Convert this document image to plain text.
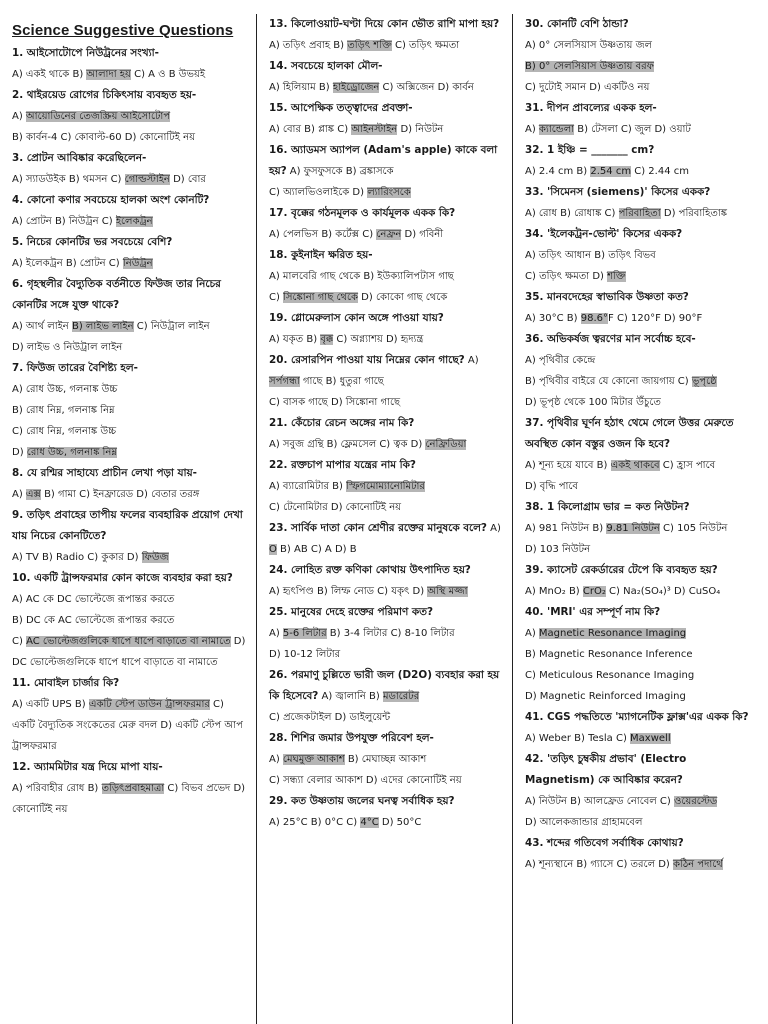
Science Suggestive Questions
1. আইসোটোপে নিউট্রনের সংখ্যা-
A) একই থাকে B) আলাদা হয় C) A ও B উভয়ই
2. থাইরয়েড রোগের চিকিৎসায় ব্যবহৃত হয়-
A) আয়োডিনের তেজস্ক্রিয় আইসোটোপ
B) কার্বন-4 C) কোবাল্ট-60 D) কোনোটিই নয়
3. প্রোটন আবিষ্কার করেছিলেন-
A) স্যাডউইক B) থমসন C) গোল্ডস্টাইন D) বোর
4. কোনো কণার সবচেয়ে হালকা অংশ কোনটি?
A) প্রোটন B) নিউট্রন C) ইলেকট্রন
5. নিচের কোনটির ভর সবচেয়ে বেশি?
A) ইলেকট্রন B) প্রোটন C) নিউট্রন
6. গৃহস্থলীর বৈদ্যুতিক বর্তনীতে ফিউজ তার নিচের কোনটির সঙ্গে যুক্ত থাকে?
A) আর্থ লাইন B) লাইভ লাইন C) নিউট্রাল লাইন
D) লাইভ ও নিউট্রাল লাইন
7. ফিউজ তারের বৈশিষ্ট্য হল-
A) রোধ উচ্চ, গলনাঙ্ক উচ্চ
B) রোধ নিম্ন, গলনাঙ্ক নিম্ন
C) রোধ নিম্ন, গলনাঙ্ক উচ্চ
D) রোধ উচ্চ, গলনাঙ্ক নিম্ন
8. যে রশ্মির সাহায্যে প্রাচীন লেখা পড়া যায়-
A) এক্স B) গামা C) ইনফ্রারেড D) বেতার তরঙ্গ
9. তড়িৎ প্রবাহের তাপীয় ফলের ব্যবহারিক প্রয়োগ দেখা যায় নিচের কোনটিতে?
A) TV B) Radio C) কুকার D) ফিউজ
10. একটি ট্রান্সফরমার কোন কাজে ব্যবহার করা হয়?
A) AC কে DC ভোল্টেজে রূপান্তর করতে
B) DC কে AC ভোল্টেজে রূপান্তর করতে
C) AC ভোল্টেজগুলিকে ধাপে ধাপে বাড়াতে বা নামাতে D) DC ভোল্টেজগুলিকে ধাপে ধাপে বাড়াতে বা নামাতে
11. মোবাইল চার্জার কি?
A) একটি UPS B) একটি স্টেপ ডাউন ট্রান্সফরমার C) একটি বৈদ্যুতিক সংকেতের মেরু বদল D) একটি স্টেপ আপ ট্রান্সফরমার
12. অ্যামমিটার যন্ত্র দিয়ে মাপা যায়-
A) পরিবাহীর রোধ B) তড়িৎপ্রবাহমাত্রা C) বিভব প্রভেদ D) কোনোটিই নয়
13. কিলোওয়াট-ঘণ্টা দিয়ে কোন ভৌত রাশি মাপা হয়?
A) তড়িৎ প্রবাহ B) তড়িৎ শক্তি C) তড়িৎ ক্ষমতা
14. সবচেয়ে হালকা মৌল-
A) হিলিয়াম B) হাইড্রোজেন C) অক্সিজেন D) কার্বন
15. আপেক্ষিক তত্ত্বাদের প্রবক্তা-
A) বোর B) প্লাঙ্ক C) আইনস্টাইন D) নিউটন
16. অ্যাডমস অ্যাপল (Adam's apple) কাকে বলা হয়? A) ফুসফুসকে B) ব্রঙ্কাসকে
C) অ্যালভিওলাইকে D) ল্যারিংসকে
17. বৃক্কের গঠনমূলক ও কার্যমূলক একক কি?
A) পেলভিস B) কর্টেক্স C) নেফ্রন D) গবিনী
18. কুইনাইন ক্ষরিত হয়-
A) মালবেরি গাছ থেকে B) ইউক্যালিপটাস গাছ
C) সিঙ্কোনা গাছ থেকে D) কোকো গাছ থেকে
19. গ্লোমেরুলাস কোন অঙ্গে পাওয়া যায়?
A) যকৃত B) বৃক্ক C) অগ্ন্যাশয় D) হৃদ্যন্ত্র
20. রেসারপিন পাওয়া যায় নিম্নের কোন গাছে? A) সর্পগন্ধা গাছে B) ধুতুরা গাছে
C) বাসক গাছে D) সিঙ্কোনা গাছে
21. কেঁচোর রেচন অঙ্গের নাম কি?
A) সবুজ গ্রন্থি B) ফ্লেমসেল C) ত্বক D) নেফ্রিডিয়া
22. রক্তচাপ মাপার যন্ত্রের নাম কি?
A) ব্যারোমিটার B) স্ফিগমোম্যানোমিটার
C) টেনোমিটার D) কোনোটিই নয়
23. সার্বিক দাতা কোন শ্রেণীর রক্তের মানুষকে বলে? A) O B) AB C) A D) B
24. লোহিত রক্ত কণিকা কোথায় উৎপাদিত হয়?
A) হৃৎপিণ্ড B) লিম্ফ নোড C) যকৃৎ D) অস্থি মজ্জা
25. মানুষের দেহে রক্তের পরিমাণ কত?
A) 5-6 লিটার B) 3-4 লিটার C) 8-10 লিটার
D) 10-12 লিটার
26. পরমাণু চুল্লিতে ভারী জল (D2O) ব্যবহার করা হয় কি হিসেবে? A) জ্বালানি B) মডারেটর
C) প্রজেকটাইল D) ডাইলুয়েন্ট
28. শিশির জমার উপযুক্ত পরিবেশ হল-
A) মেঘমুক্ত আকাশ B) মেঘাচ্ছন্ন আকাশ
C) সন্ধ্যা বেলার আকাশ D) এদের কোনোটিই নয়
29. কত উষ্ণতায় জলের ঘনত্ব সর্বাধিক হয়?
A) 25°C B) 0°C C) 4°C D) 50°C
30. কোনটি বেশি ঠান্ডা?
A) 0° সেলসিয়াস উষ্ণতায় জল
B) 0° সেলসিয়াস উষ্ণতায় বরফ
C) দুটোই সমান D) একটিও নয়
31. দীপন প্রাবল্যের একক হল-
A) ক্যান্ডেলা B) টেসলা C) জুল D) ওয়াট
32. 1 ইঞ্চি = _______ cm?
A) 2.4 cm B) 2.54 cm C) 2.44 cm
33. 'সিমেনস (siemens)' কিসের একক?
A) রোধ B) রোধাঙ্ক C) পরিবাহিতা D) পরিবাহিতাঙ্ক
34. 'ইলেকট্রন-ভোল্ট' কিসের একক?
A) তড়িৎ আধান B) তড়িৎ বিভব
C) তড়িৎ ক্ষমতা D) শক্তি
35. মানবদেহের স্বাভাবিক উষ্ণতা কত?
A) 30°C B) 98.6°F C) 120°F D) 90°F
36. অভিকর্ষজ ত্বরণের মান সর্বোচ্চ হবে-
A) পৃথিবীর কেন্দ্রে
B) পৃথিবীর বাইরে যে কোনো জায়গায় C) ভূপৃষ্ঠে
D) ভূপৃষ্ঠ থেকে 100 মিটার উঁচুতে
37. পৃথিবীর ঘূর্ণন হঠাৎ থেমে গেলে উত্তর মেরুতে অবস্থিত কোন বস্তুর ওজন কি হবে?
A) শূন্য হয়ে যাবে B) একই থাকবে C) হ্রাস পাবে
D) বৃদ্ধি পাবে
38. 1 কিলোগ্রাম ভার = কত নিউটন?
A) 981 নিউটন B) 9.81 নিউটন C) 105 নিউটন
D) 103 নিউটন
39. ক্যাসেট রেকর্ডারের টেপে কি ব্যবহৃত হয়?
A) MnO₂ B) CrO₂ C) Na₂(SO₄)³ D) CuSO₄
40. 'MRI' এর সম্পূর্ণ নাম কি?
A) Magnetic Resonance Imaging
B) Magnetic Resonance Inference
C) Meticulous Resonance Imaging
D) Magnetic Reinforced Imaging
41. CGS পদ্ধতিতে 'ম্যাগনেটিক ফ্লাক্স'এর একক কি?
A) Weber B) Tesla C) Maxwell
42. 'তড়িৎ চুম্বকীয় প্রভাব' (Electro Magnetism) কে আবিষ্কার করেন?
A) নিউটন B) আলফ্রেড নোবেল C) ওয়েরস্টেড
D) আলেকজান্ডার গ্রাহামবেল
43. শব্দের গতিবেগ সর্বাধিক কোথায়?
A) শূন্যস্থানে B) গ্যাসে C) তরলে D) কঠিন পদার্থে
